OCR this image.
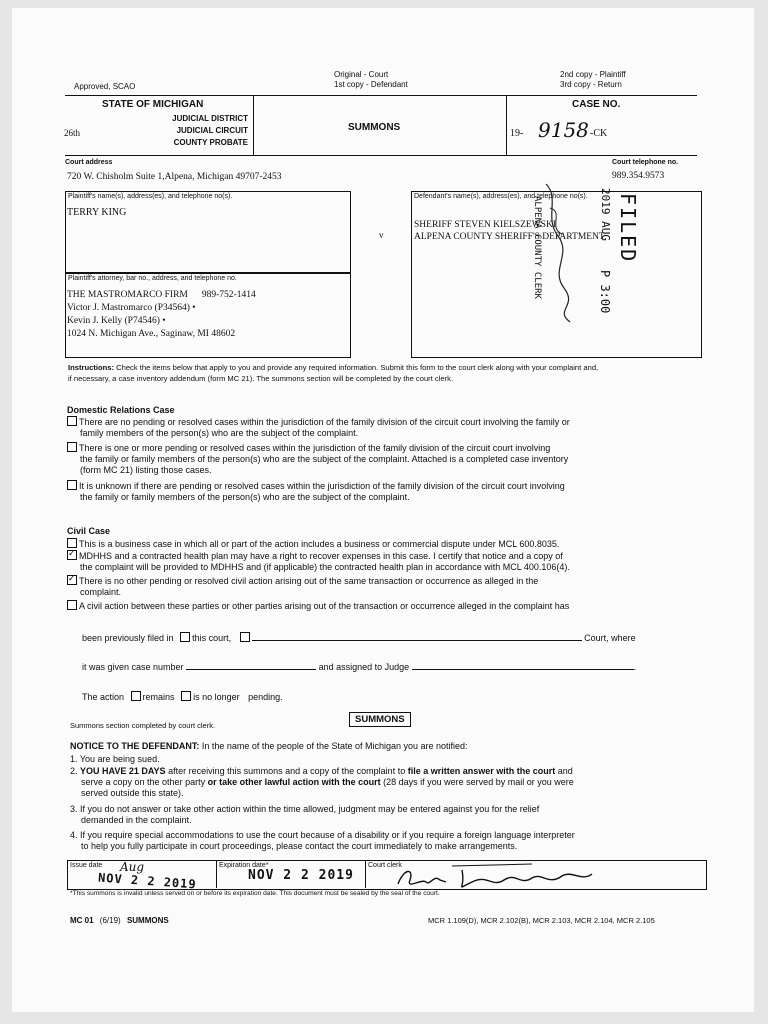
Approved, SCAO
Original - Court
1st copy - Defendant
2nd copy - Plaintiff
3rd copy - Return
STATE OF MICHIGAN
26th
JUDICIAL DISTRICT
JUDICIAL CIRCUIT
COUNTY PROBATE
SUMMONS
CASE NO.
19- 9158 -CK
Court address	Court telephone no.
720 W. Chisholm Suite 1,Alpena, Michigan 49707-2453	989.354.9573
Plaintiff's name(s), address(es), and telephone no(s).
TERRY KING
Plaintiff's attorney, bar no., address, and telephone no.
THE MASTROMARCO FIRM 989-752-1414
Victor J. Mastromarco (P34564) •
Kevin J. Kelly (P74546) •
1024 N. Michigan Ave., Saginaw, MI 48602
v
Defendant's name(s), address(es), and telephone no(s).
SHERIFF STEVEN KIELSZEWSKI
ALPENA COUNTY SHERIFF'S DEPARTMENT FILED
2019 AUG
P 3:00
ALPENA COUNTY CLERK
Instructions: Check the items below that apply to you and provide any required information. Submit this form to the court clerk along with your complaint and,
if necessary, a case inventory addendum (form MC 21). The summons section will be completed by the court clerk.
Domestic Relations Case
There are no pending or resolved cases within the jurisdiction of the family division of the circuit court involving the family or
family members of the person(s) who are the subject of the complaint.
There is one or more pending or resolved cases within the jurisdiction of the family division of the circuit court involving
the family or family members of the person(s) who are the subject of the complaint. Attached is a completed case inventory
(form MC 21) listing those cases.
It is unknown if there are pending or resolved cases within the jurisdiction of the family division of the circuit court involving
the family or family members of the person(s) who are the subject of the complaint.
Civil Case
This is a business case in which all or part of the action includes a business or commercial dispute under MCL 600.8035.
✓MDHHS and a contracted health plan may have a right to recover expenses in this case. I certify that notice and a copy of
the complaint will be provided to MDHHS and (if applicable) the contracted health plan in accordance with MCL 400.106(4).
✓There is no other pending or resolved civil action arising out of the same transaction or occurrence as alleged in the
complaint.
A civil action between these parties or other parties arising out of the transaction or occurrence alleged in the complaint has
been previously filed in this court,	Court, where
it was given case number	and assigned to Judge	.
The action remains is no longer pending.
Summons section completed by court clerk.
SUMMONS
NOTICE TO THE DEFENDANT: In the name of the people of the State of Michigan you are notified:
1. You are being sued.
2. YOU HAVE 21 DAYS after receiving this summons and a copy of the complaint to file a written answer with the court and
serve a copy on the other party or take other lawful action with the court (28 days if you were served by mail or you were
served outside this state).
3. If you do not answer or take other action within the time allowed, judgment may be entered against you for the relief
demanded in the complaint.
4. If you require special accommodations to use the court because of a disability or if you require a foreign language interpreter
to help you fully participate in court proceedings, please contact the court immediately to make arrangements.
Issue date Aug
NOV 2 2 2019
Expiration date*
NOV 2 2 2019
Court clerk
*This summons is invalid unless served on or before its expiration date. This document must be sealed by the seal of the court.
MC 01 (6/19) SUMMONS	MCR 1.109(D), MCR 2.102(B), MCR 2.103, MCR 2.104, MCR 2.105
